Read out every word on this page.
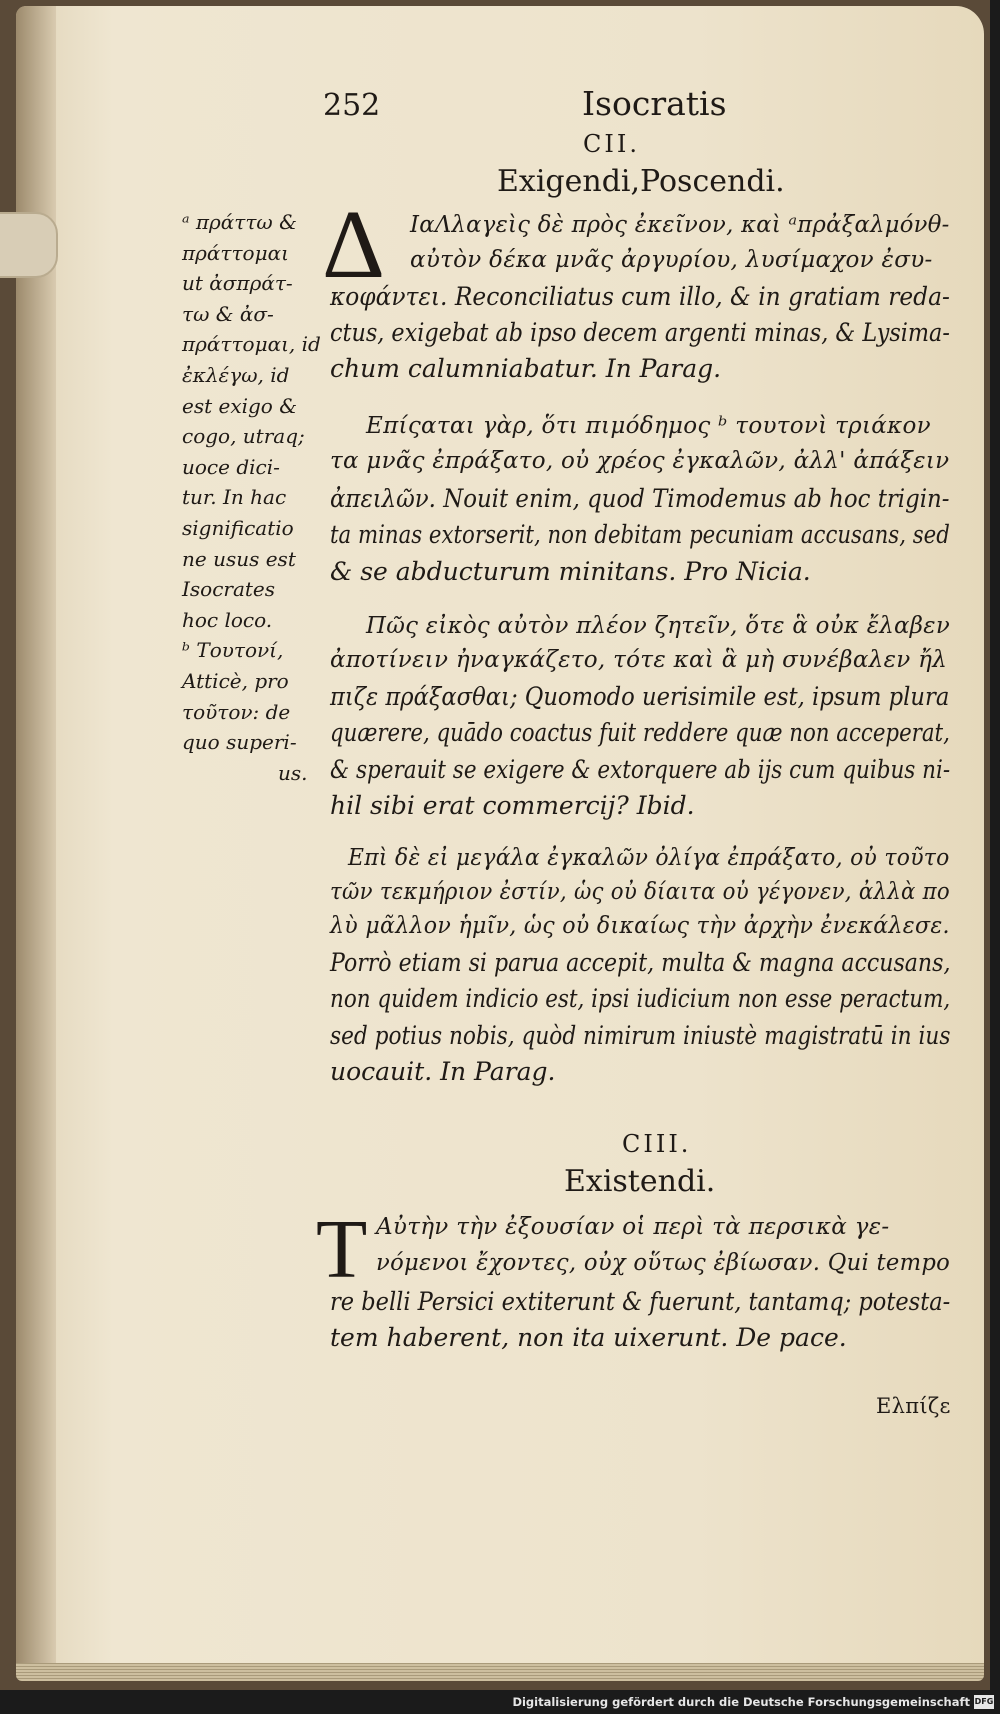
252	Isocratis
CII.
Exigendi,Poscendi.
Δ ΙαΛλαγεὶς δὲ πρὸς ἐκεῖνον, καὶ ᵃπρἀξαλμόνθ-
αὐτὸν δέκα μνᾶς ἀργυρίου, λυσίμαχον ἐσυ-
κοφάντει. Reconciliatus cum illo, & in gratiam reda-
ctus, exigebat ab ipso decem argenti minas, & Lysima-
chum calumniabatur. In Parag.
Επίςαται γὰρ, ὅτι πιμόδημος ᵇ τουτονὶ τριάκον
τα μνᾶς ἐπράξατο, οὐ χρέος ἐγκαλῶν, ἀλλ' ἀπάξειν
ἀπειλῶν. Nouit enim, quod Timodemus ab hoc trigin-
ta minas extorserit, non debitam pecuniam accusans, sed
& se abducturum minitans. Pro Nicia.
Πῶς εἰκὸς αὐτὸν πλέον ζητεῖν, ὅτε ἃ οὐκ ἔλαβεν
ἀποτίνειν ἠναγκάζετο, τότε καὶ ἃ μὴ συνέβαλεν ἤλ
πιζε πράξασθαι; Quomodo uerisimile est, ipsum plura
quærere, quādo coactus fuit reddere quæ non acceperat,
& sperauit se exigere & extorquere ab ijs cum quibus ni-
hil sibi erat commercij? Ibid.
Επὶ δὲ εἰ μεγάλα ἐγκαλῶν ὀλίγα ἐπράξατο, οὐ τοῦτο
τῶν τεκμήριον ἐστίν, ὡς οὐ δίαιτα οὐ γέγονεν, ἀλλὰ πο
λὺ μᾶλλον ἡμῖν, ὡς οὐ δικαίως τὴν ἀρχὴν ἐνεκάλεσε.
Porrò etiam si parua accepit, multa & magna accusans,
non quidem indicio est, ipsi iudicium non esse peractum,
sed potius nobis, quòd nimirum iniustè magistratū in ius
uocauit. In Parag.
ᵃ πράττω &
πράττομαι
ut ἀσπράτ-
τω & ἀσ-
πράττομαι, id
ἐκλέγω, id
est exigo &
cogo, utraq;
uoce dici-
tur. In hac
significatio
ne usus est
Isocrates
hoc loco.
ᵇ Τουτονί,
Atticè, pro
τοῦτον: de
quo superi-
us.
CIII.
Existendi.
T Αὐτὴν τὴν ἐξουσίαν οἱ περὶ τὰ περσικὰ γε-
νόμενοι ἔχοντες, οὐχ οὕτως ἐβίωσαν. Qui tempo
re belli Persici extiterunt & fuerunt, tantamq; potesta-
tem haberent, non ita uixerunt. De pace.
Ελπίζε
Digitalisierung gefördert durch die Deutsche Forschungsgemeinschaft DFG
